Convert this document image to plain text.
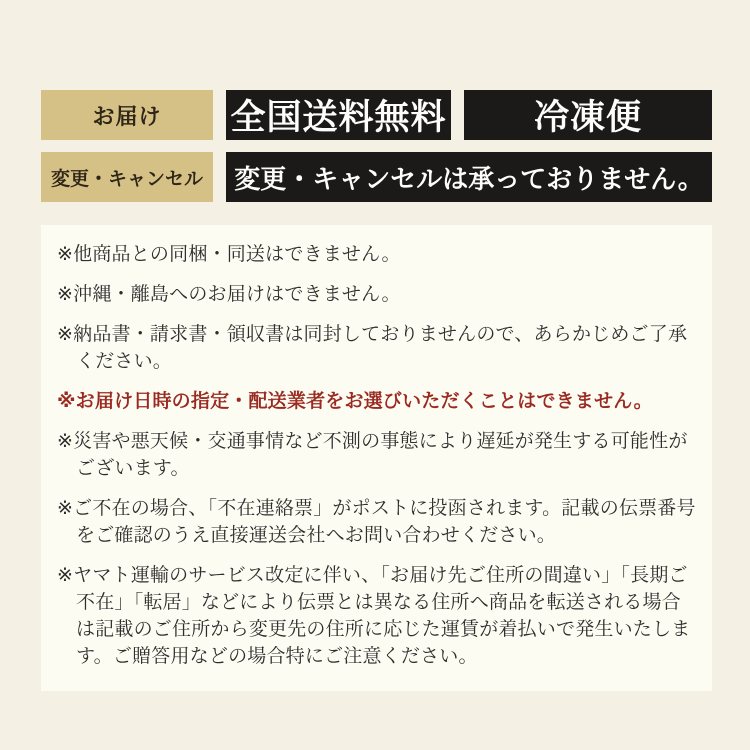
お届け	全国送料無料	冷凍便
変更・キャンセル	変更・キャンセルは承っておりません。

※他商品との同梱・同送はできません。

※沖縄・離島へのお届けはできません。

※納品書・請求書・領収書は同封しておりませんので、あらかじめご了承ください。

※お届け日時の指定・配送業者をお選びいただくことはできません。

※災害や悪天候・交通事情など不測の事態により遅延が発生する可能性がございます。

※ご不在の場合、「不在連絡票」がポストに投函されます。記載の伝票番号をご確認のうえ直接運送会社へお問い合わせください。

※ヤマト運輸のサービス改定に伴い、「お届け先ご住所の間違い」「長期ご不在」「転居」などにより伝票とは異なる住所へ商品を転送される場合は記載のご住所から変更先の住所に応じた運賃が着払いで発生いたします。ご贈答用などの場合特にご注意ください。
